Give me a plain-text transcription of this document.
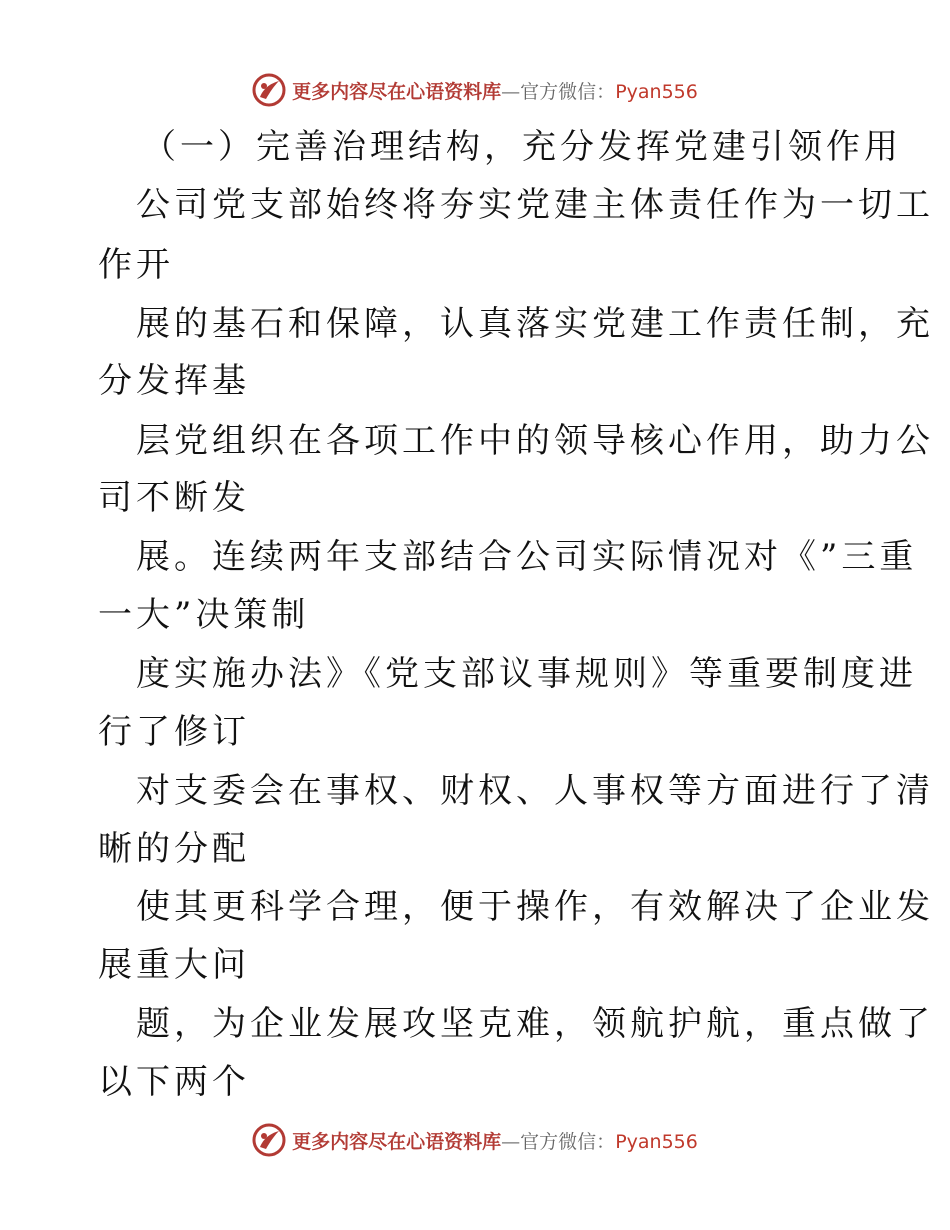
更多内容尽在心语资料库—官方微信：Pyan556
（一）完善治理结构，充分发挥党建引领作用
公司党支部始终将夯实党建主体责任作为一切工
作开
展的基石和保障，认真落实党建工作责任制，充
分发挥基
层党组织在各项工作中的领导核心作用，助力公
司不断发
展。连续两年支部结合公司实际情况对《”三重
一大”决策制
度实施办法》《党支部议事规则》等重要制度进
行了修订
对支委会在事权、财权、人事权等方面进行了清
晰的分配
使其更科学合理，便于操作，有效解决了企业发
展重大问
题，为企业发展攻坚克难，领航护航，重点做了
以下两个
更多内容尽在心语资料库—官方微信：Pyan556
